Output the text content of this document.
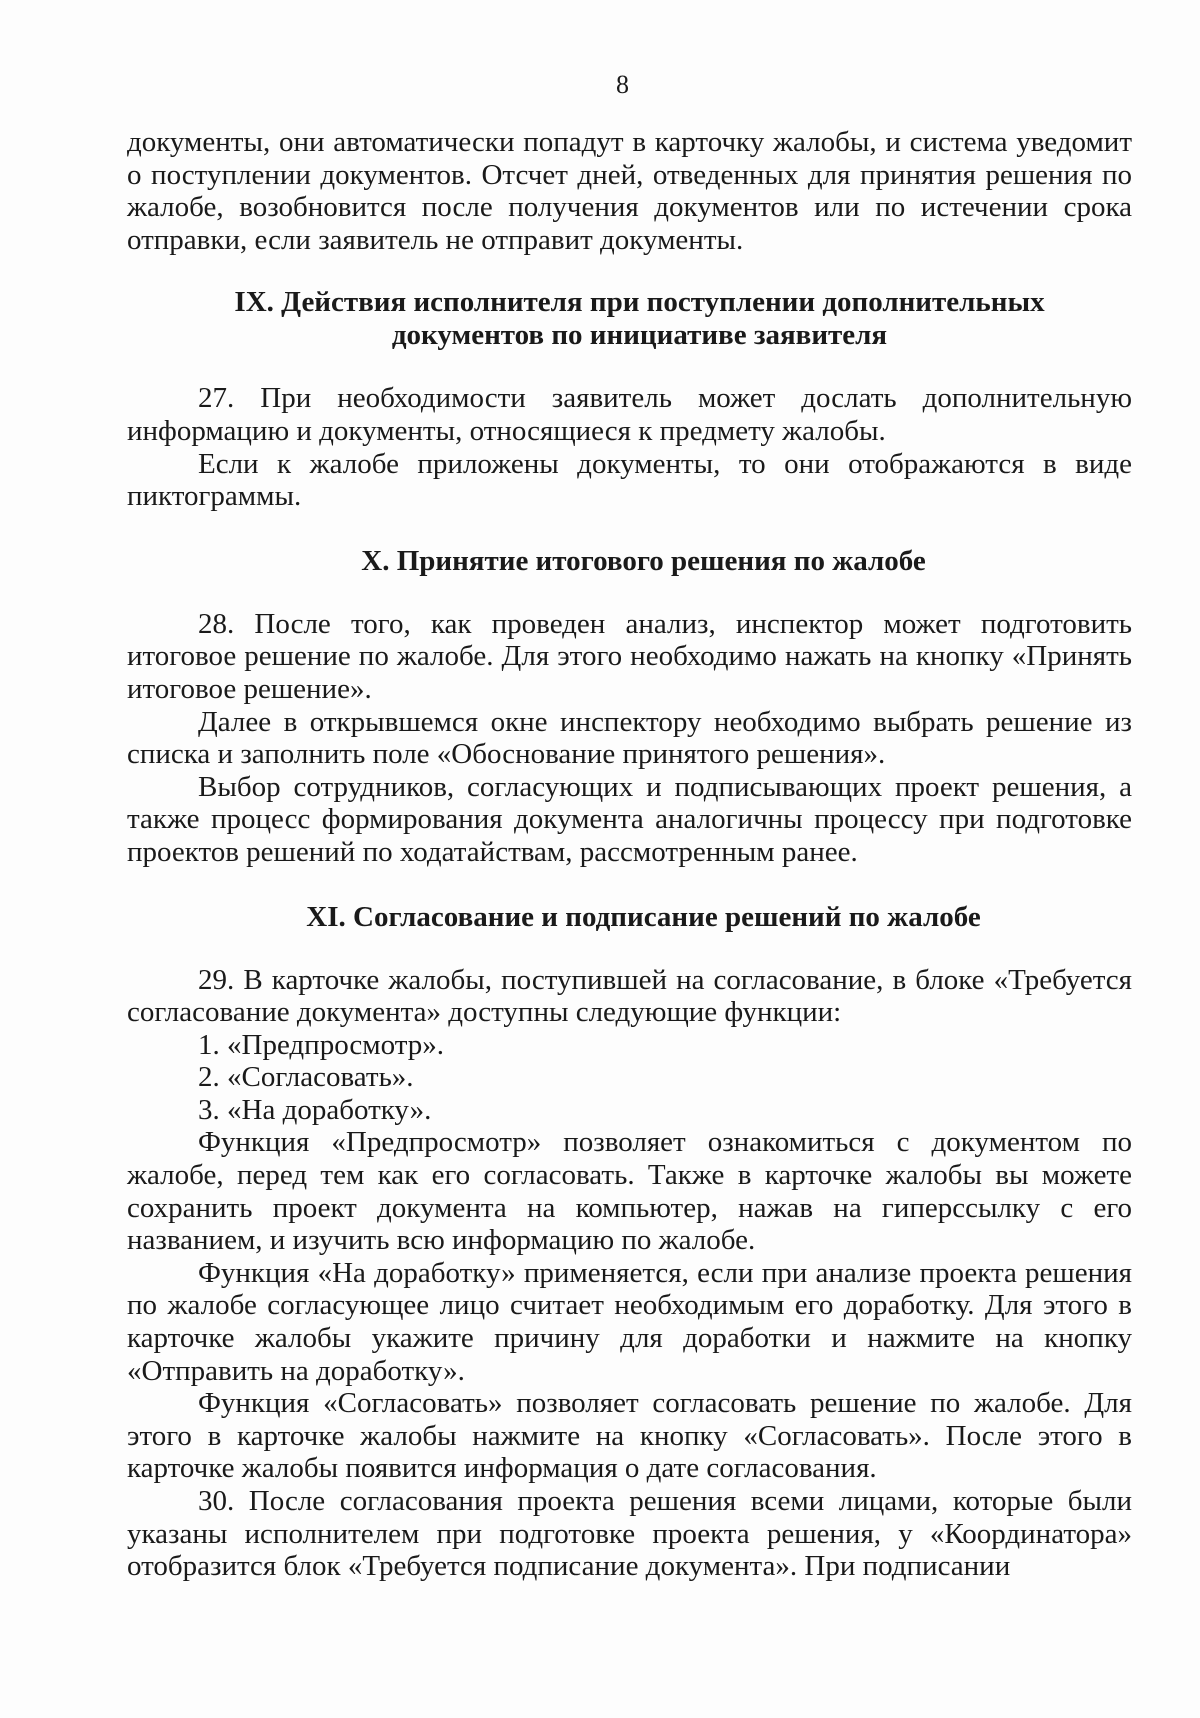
8

документы, они автоматически попадут в карточку жалобы, и система уведомит о поступлении документов. Отсчет дней, отведенных для принятия решения по жалобе, возобновится после получения документов или по истечении срока отправки, если заявитель не отправит документы.

IX. Действия исполнителя при поступлении дополнительных
документов по инициативе заявителя

27. При необходимости заявитель может дослать дополнительную информацию и документы, относящиеся к предмету жалобы.

Если к жалобе приложены документы, то они отображаются в виде пиктограммы.

X. Принятие итогового решения по жалобе

28. После того, как проведен анализ, инспектор может подготовить итоговое решение по жалобе. Для этого необходимо нажать на кнопку «Принять итоговое решение».

Далее в открывшемся окне инспектору необходимо выбрать решение из списка и заполнить поле «Обоснование принятого решения».

Выбор сотрудников, согласующих и подписывающих проект решения, а также процесс формирования документа аналогичны процессу при подготовке проектов решений по ходатайствам, рассмотренным ранее.

XI. Согласование и подписание решений по жалобе

29. В карточке жалобы, поступившей на согласование, в блоке «Требуется согласование документа» доступны следующие функции:

1. «Предпросмотр».

2. «Согласовать».

3. «На доработку».

Функция «Предпросмотр» позволяет ознакомиться с документом по жалобе, перед тем как его согласовать. Также в карточке жалобы вы можете сохранить проект документа на компьютер, нажав на гиперссылку с его названием, и изучить всю информацию по жалобе.

Функция «На доработку» применяется, если при анализе проекта решения по жалобе согласующее лицо считает необходимым его доработку. Для этого в карточке жалобы укажите причину для доработки и нажмите на кнопку «Отправить на доработку».

Функция «Согласовать» позволяет согласовать решение по жалобе. Для этого в карточке жалобы нажмите на кнопку «Согласовать». После этого в карточке жалобы появится информация о дате согласования.

30. После согласования проекта решения всеми лицами, которые были указаны исполнителем при подготовке проекта решения, у «Координатора» отобразится блок «Требуется подписание документа». При подписании
